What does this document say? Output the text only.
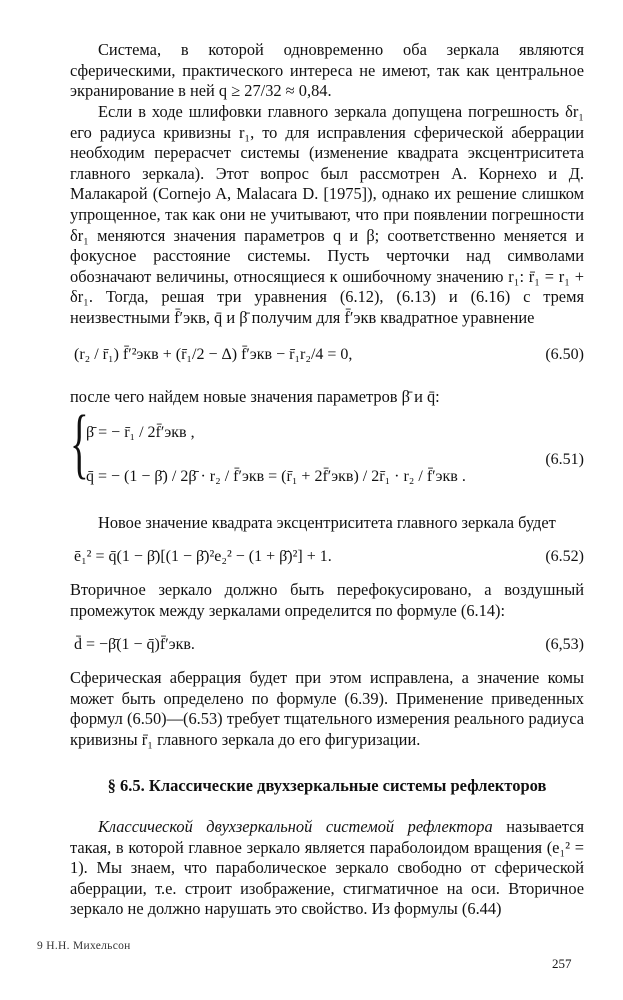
Система, в которой одновременно оба зеркала являются сферическими, практического интереса не имеют, так как центральное экранирование в ней q ≥ 27/32 ≈ 0,84.

Если в ходе шлифовки главного зеркала допущена погрешность δr₁ его радиуса кривизны r₁, то для исправления сферической аберрации необходим перерасчет системы (изменение квадрата эксцентриситета главного зеркала). Этот вопрос был рассмотрен А. Корнехо и Д. Малакарой (Cornejo A, Malacara D. [1975]), однако их решение слишком упрощенное, так как они не учитывают, что при появлении погрешности δr₁ меняются значения параметров q и β; соответственно меняется и фокусное расстояние системы. Пусть черточки над символами обозначают величины, относящиеся к ошибочному значению r₁: r̄₁ = r₁ + δr₁. Тогда, решая три уравнения (6.12), (6.13) и (6.16) с тремя неизвестными f̄′экв, q̄ и β̄ получим для f̄′экв квадратное уравнение

(r₂ / r̄₁) f̄′²экв + (r̄₁/2 − Δ) f̄′экв − r̄₁r₂/4 = 0,	(6.50)

после чего найдем новые значения параметров β̄ и q̄:

{
β̄ = − r̄₁ / 2f̄′экв ,
q̄ = − (1 − β̄) / 2β̄ · r₂ / f̄′экв = (r̄₁ + 2f̄′экв) / 2r̄₁ · r₂ / f̄′экв .
(6.51)

Новое значение квадрата эксцентриситета главного зеркала будет

ē₁² = q̄(1 − β̄)[(1 − β̄)²e₂² − (1 + β̄)²] + 1.	(6.52)

Вторичное зеркало должно быть перефокусировано, а воздушный промежуток между зеркалами определится по формуле (6.14):

d̄ = −β̄(1 − q̄)f̄′экв.	(6,53)

Сферическая аберрация будет при этом исправлена, а значение комы может быть определено по формуле (6.39). Применение приведенных формул (6.50)—(6.53) требует тщательного измерения реального радиуса кривизны r̄₁ главного зеркала до его фигуризации.

§ 6.5. Классические двухзеркальные системы рефлекторов

Классической двухзеркальной системой рефлектора называется такая, в которой главное зеркало является параболоидом вращения (e₁² = 1). Мы знаем, что параболическое зеркало свободно от сферической аберрации, т.е. строит изображение, стигматичное на оси. Вторичное зеркало не должно нарушать это свойство. Из формулы (6.44)

9 Н.Н. Михельсон
257
